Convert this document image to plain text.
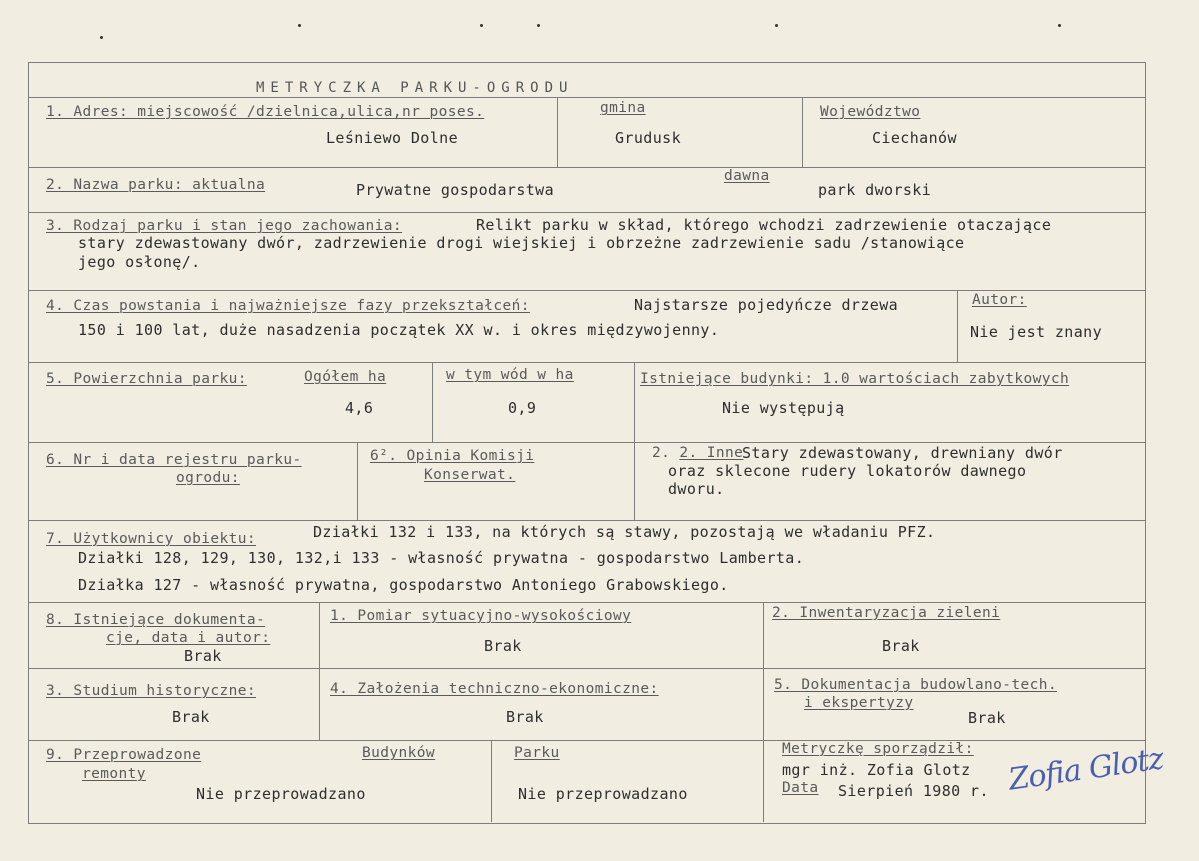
METRYCZKA PARKU-OGRODU
1. Adres: miejscowość /dzielnica,ulica,nr poses.
Leśniewo Dolne
gmina
Grudusk
Województwo
Ciechanów
2. Nazwa parku: aktualna	Prywatne gospodarstwa
dawna
park dworski
3. Rodzaj parku i stan jego zachowania:	Relikt parku w skład, którego wchodzi zadrzewienie otaczające
stary zdewastowany dwór, zadrzewienie drogi wiejskiej i obrzeżne zadrzewienie sadu /stanowiące
jego osłonę/.
4. Czas powstania i najważniejsze fazy przekształceń:	Najstarsze pojedyńcze drzewa
150 i 100 lat, duże nasadzenia początek XX w. i okres międzywojenny.
Autor:
Nie jest znany
5. Powierzchnia parku:	Ogółem ha
4,6
w tym wód w ha
0,9
Istniejące budynki: 1.0 wartościach zabytkowych
Nie występują
6. Nr i data rejestru parku-
ogrodu:
6². Opinia Komisji
Konserwat.
2. 2. Inne
Stary zdewastowany, drewniany dwór
oraz sklecone rudery lokatorów dawnego
dworu.
7. Użytkownicy obiektu:	Działki 132 i 133, na których są stawy, pozostają we władaniu PFZ.
Działki 128, 129, 130, 132,i 133 - własność prywatna - gospodarstwo Lamberta.
Działka 127 - własność prywatna, gospodarstwo Antoniego Grabowskiego.
8. Istniejące dokumenta-
cje, data i autor:
Brak
1. Pomiar sytuacyjno-wysokościowy
Brak
2. Inwentaryzacja zieleni
Brak
3. Studium historyczne:
Brak
4. Założenia techniczno-ekonomiczne:
Brak
5. Dokumentacja budowlano-tech.
i ekspertyzy
Brak
9. Przeprowadzone
remonty
Budynków
Nie przeprowadzano
Parku
Nie przeprowadzano
Metryczkę sporządził:
mgr inż. Zofia Glotz
Data Sierpień 1980 r. Zofia Glotz
